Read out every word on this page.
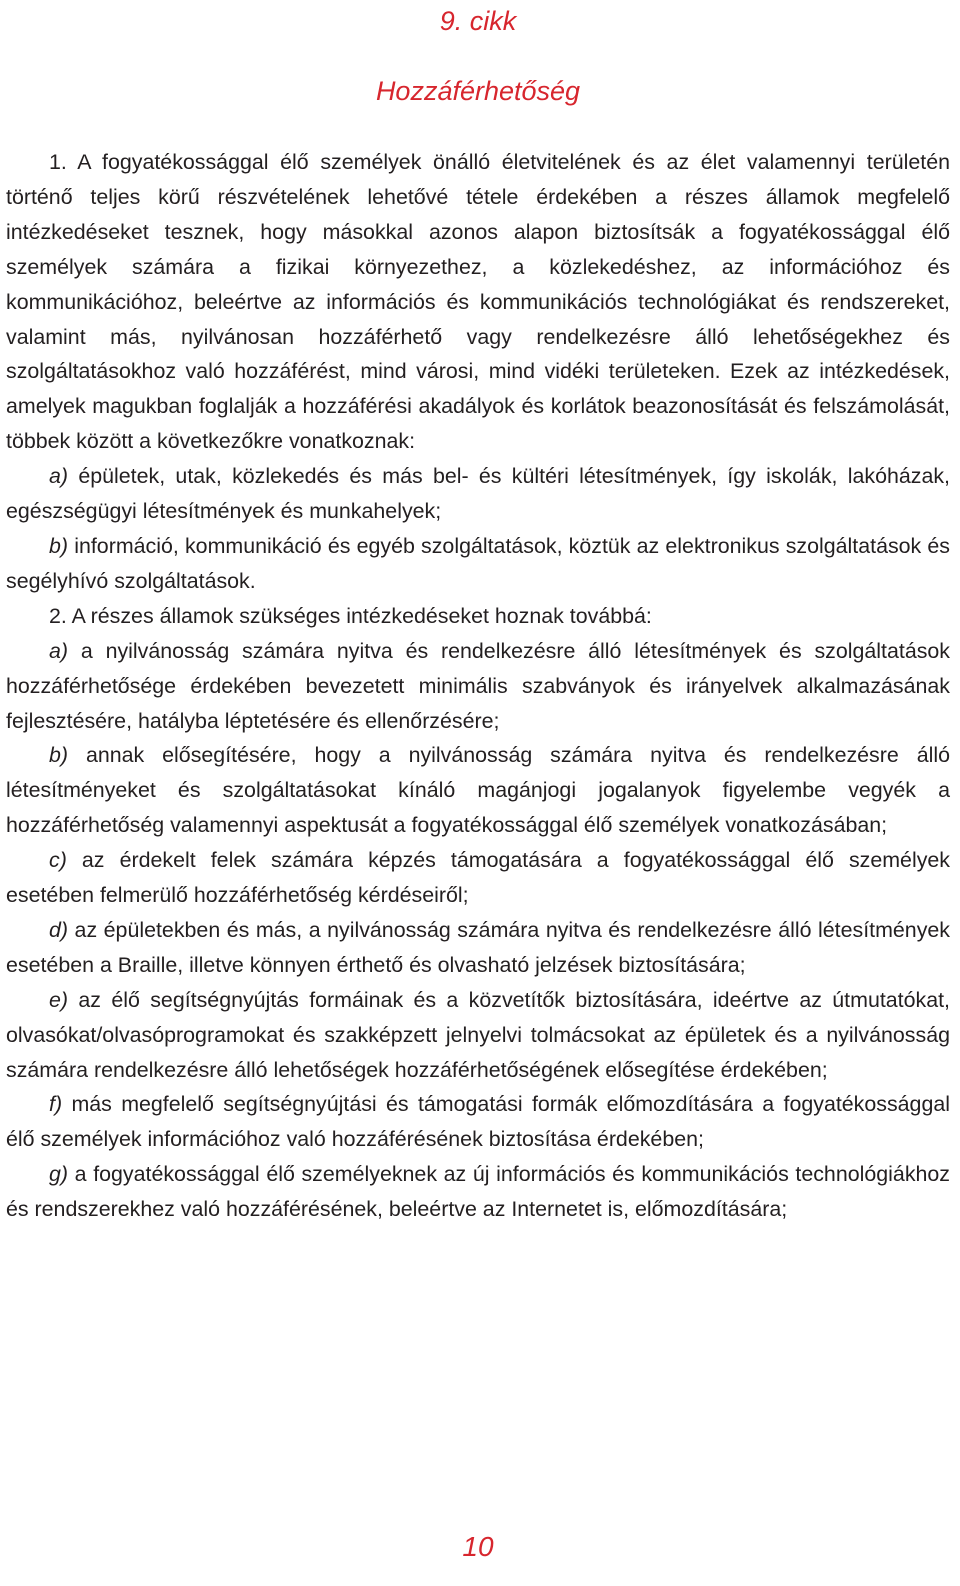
9. cikk
Hozzáférhetőség

1. A fogyatékossággal élő személyek önálló életvitelének és az élet valamennyi területén történő teljes körű részvételének lehetővé tétele érdekében a részes államok megfelelő intézkedéseket tesznek, hogy másokkal azonos alapon biztosítsák a fogyatékossággal élő személyek számára a fizikai környezethez, a közlekedéshez, az információhoz és kommunikációhoz, beleértve az információs és kommunikációs technológiákat és rendszereket, valamint más, nyilvánosan hozzáférhető vagy rendelkezésre álló lehetőségekhez és szolgáltatásokhoz való hozzáférést, mind városi, mind vidéki területeken. Ezek az intézkedések, amelyek magukban foglalják a hozzáférési akadályok és korlátok beazonosítását és felszámolását, többek között a következőkre vonatkoznak:

a) épületek, utak, közlekedés és más bel- és kültéri létesítmények, így iskolák, lakóházak, egészségügyi létesítmények és munkahelyek;

b) információ, kommunikáció és egyéb szolgáltatások, köztük az elektronikus szolgáltatások és segélyhívó szolgáltatások.

2. A részes államok szükséges intézkedéseket hoznak továbbá:

a) a nyilvánosság számára nyitva és rendelkezésre álló létesítmények és szolgáltatások hozzáférhetősége érdekében bevezetett minimális szabványok és irányelvek alkalmazásának fejlesztésére, hatályba léptetésére és ellenőrzésére;

b) annak elősegítésére, hogy a nyilvánosság számára nyitva és rendelkezésre álló létesítményeket és szolgáltatásokat kínáló magánjogi jogalanyok figyelembe vegyék a hozzáférhetőség valamennyi aspektusát a fogyatékossággal élő személyek vonatkozásában;

c) az érdekelt felek számára képzés támogatására a fogyatékossággal élő személyek esetében felmerülő hozzáférhetőség kérdéseiről;

d) az épületekben és más, a nyilvánosság számára nyitva és rendelkezésre álló létesítmények esetében a Braille, illetve könnyen érthető és olvasható jelzések biztosítására;

e) az élő segítségnyújtás formáinak és a közvetítők biztosítására, ideértve az útmutatókat, olvasókat/olvasóprogramokat és szakképzett jelnyelvi tolmácsokat az épületek és a nyilvánosság számára rendelkezésre álló lehetőségek hozzáférhetőségének elősegítése érdekében;

f) más megfelelő segítségnyújtási és támogatási formák előmozdítására a fogyatékossággal élő személyek információhoz való hozzáférésének biztosítása érdekében;

g) a fogyatékossággal élő személyeknek az új információs és kommunikációs technológiákhoz és rendszerekhez való hozzáférésének, beleértve az Internetet is, előmozdítására;

10
